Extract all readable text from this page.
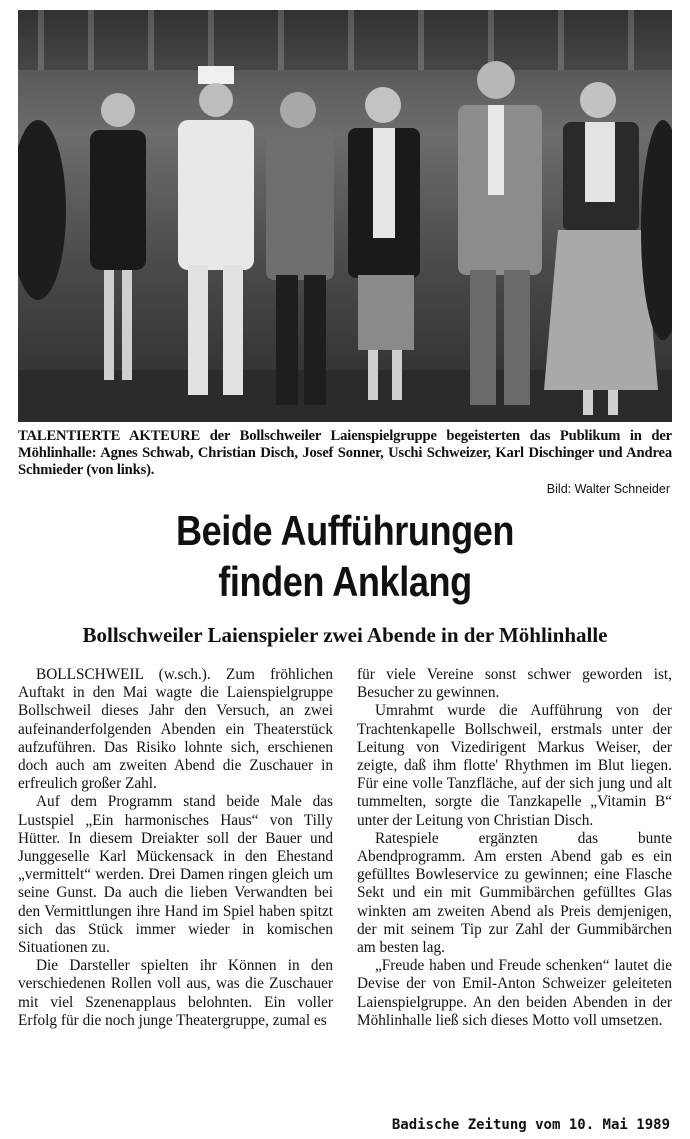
TALENTIERTE AKTEURE der Bollschweiler Laienspielgruppe begeisterten das Publikum in der Möhlinhalle: Agnes Schwab, Christian Disch, Josef Sonner, Uschi Schweizer, Karl Dischinger und Andrea Schmieder (von links).

Bild: Walter Schneider
Beide Aufführungen
finden Anklang
Bollschweiler Laienspieler zwei Abende in der Möhlinhalle

BOLLSCHWEIL (w.sch.). Zum fröhlichen Auftakt in den Mai wagte die Laienspielgruppe Bollschweil dieses Jahr den Versuch, an zwei aufeinanderfolgenden Abenden ein Theaterstück aufzuführen. Das Risiko lohnte sich, erschienen doch auch am zweiten Abend die Zuschauer in erfreulich großer Zahl.

Auf dem Programm stand beide Male das Lustspiel „Ein harmonisches Haus“ von Tilly Hütter. In diesem Dreiakter soll der Bauer und Junggeselle Karl Mückensack in den Ehestand „vermittelt“ werden. Drei Damen ringen gleich um seine Gunst. Da auch die lieben Verwandten bei den Vermittlungen ihre Hand im Spiel haben spitzt sich das Stück immer wieder in komischen Situationen zu.

Die Darsteller spielten ihr Können in den verschiedenen Rollen voll aus, was die Zuschauer mit viel Szenenapplaus belohnten. Ein voller Erfolg für die noch junge Theatergruppe, zumal es

für viele Vereine sonst schwer geworden ist, Besucher zu gewinnen.

Umrahmt wurde die Aufführung von der Trachtenkapelle Bollschweil, erstmals unter der Leitung von Vizedirigent Markus Weiser, der zeigte, daß ihm flotte' Rhythmen im Blut liegen. Für eine volle Tanzfläche, auf der sich jung und alt tummelten, sorgte die Tanzkapelle „Vitamin B“ unter der Leitung von Christian Disch.

Ratespiele ergänzten das bunte Abendprogramm. Am ersten Abend gab es ein gefülltes Bowleservice zu gewinnen; eine Flasche Sekt und ein mit Gummibärchen gefülltes Glas winkten am zweiten Abend als Preis demjenigen, der mit seinem Tip zur Zahl der Gummibärchen am besten lag.

„Freude haben und Freude schenken“ lautet die Devise der von Emil-Anton Schweizer geleiteten Laienspielgruppe. An den beiden Abenden in der Möhlinhalle ließ sich dieses Motto voll umsetzen.

Badische Zeitung vom 10. Mai 1989
